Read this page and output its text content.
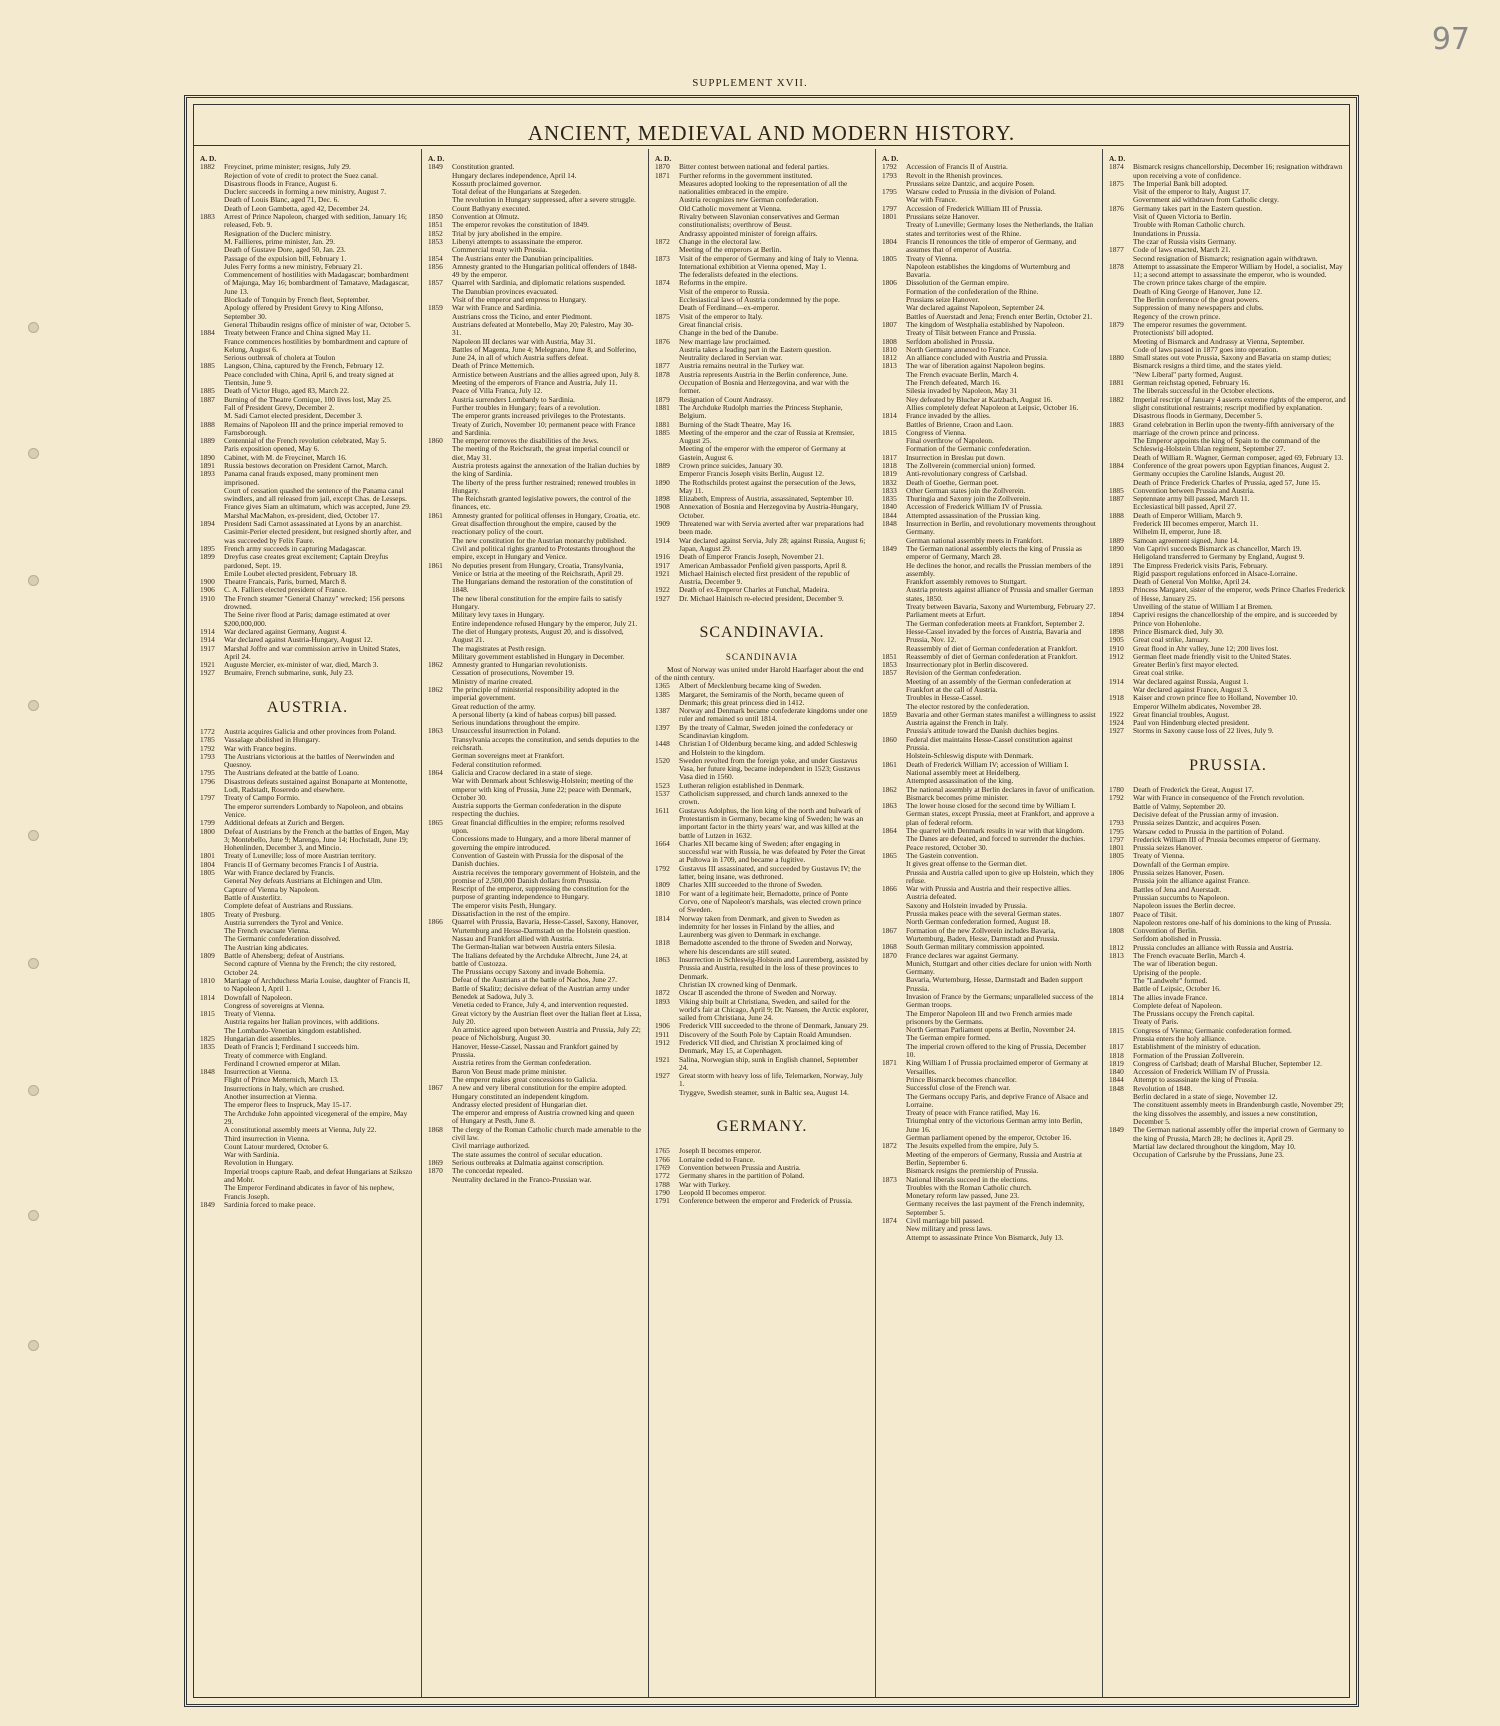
97
SUPPLEMENT XVII.
ANCIENT, MEDIEVAL AND MODERN HISTORY.
A. D.
1882	Freycinet, prime minister; resigns, July 29.
Rejection of vote of credit to protect the Suez canal.
Disastrous floods in France, August 6.
Duclerc succeeds in forming a new ministry, August 7.
Death of Louis Blanc, aged 71, Dec. 6.
Death of Leon Gambetta, aged 42, December 24.
1883	Arrest of Prince Napoleon, charged with sedition, January 16; released, Feb. 9.
Resignation of the Duclerc ministry.
M. Faillieres, prime minister, Jan. 29.
Death of Gustave Dore, aged 50, Jan. 23.
Passage of the expulsion bill, February 1.
Jules Ferry forms a new ministry, February 21.
Commencement of hostilities with Madagascar; bombardment of Majunga, May 16; bombardment of Tamatave, Madagascar, June 13.
Blockade of Tonquin by French fleet, September.
Apology offered by President Grevy to King Alfonso, September 30.
General Thibaudin resigns office of minister of war, October 5.
1884	Treaty between France and China signed May 11.
France commences hostilities by bombardment and capture of Kelung, August 6.
Serious outbreak of cholera at Toulon
1885	Langson, China, captured by the French, February 12.
Peace concluded with China, April 6, and treaty signed at Tientsin, June 9.
1885	Death of Victor Hugo, aged 83, March 22.
1887	Burning of the Theatre Comique, 100 lives lost, May 25.
Fall of President Grevy, December 2.
M. Sadi Carnot elected president, December 3.
1888	Remains of Napoleon III and the prince imperial removed to Farnsborough.
1889	Centennial of the French revolution celebrated, May 5.
Paris exposition opened, May 6.
1890	Cabinet, with M. de Freycinet, March 16.
1891	Russia bestows decoration on President Carnot, March.
1893	Panama canal frauds exposed, many prominent men imprisoned.
Court of cessation quashed the sentence of the Panama canal swindlers, and all released from jail, except Chas. de Lesseps.
France gives Siam an ultimatum, which was accepted, June 29.
Marshal MacMahon, ex-president, died, October 17.
1894	President Sadi Carnot assassinated at Lyons by an anarchist.
Casimir-Perier elected president, but resigned shortly after, and was succeeded by Felix Faure.
1895	French army succeeds in capturing Madagascar.
1899	Dreyfus case creates great excitement; Captain Dreyfus pardoned, Sept. 19.
Emile Loubet elected president, February 18.
1900	Theatre Francais, Paris, burned, March 8.
1906	C. A. Falliers elected president of France.
1910	The French steamer "General Chanzy" wrecked; 156 persons drowned.
The Seine river flood at Paris; damage estimated at over $200,000,000.
1914	War declared against Germany, August 4.
1914	War declared against Austria-Hungary, August 12.
1917	Marshal Joffre and war commission arrive in United States, April 24.
1921	Auguste Mercier, ex-minister of war, died, March 3.
1927	Brumaire, French submarine, sunk, July 23.
AUSTRIA.
1772	Austria acquires Galicia and other provinces from Poland.
1785	Vassalage abolished in Hungary.
1792	War with France begins.
1793	The Austrians victorious at the battles of Neerwinden and Quesnoy.
1795	The Austrians defeated at the battle of Loano.
1796	Disastrous defeats sustained against Bonaparte at Montenotte, Lodi, Radstadt, Roseredo and elsewhere.
1797	Treaty of Campo Formio.
The emperor surrenders Lombardy to Napoleon, and obtains Venice.
1799	Additional defeats at Zurich and Bergen.
1800	Defeat of Austrians by the French at the battles of Engen, May 3; Montebello, June 9; Marengo, June 14; Hochstadt, June 19; Hohenlinden, December 3, and Mincio.
1801	Treaty of Luneville; loss of more Austrian territory.
1804	Francis II of Germany becomes Francis I of Austria.
1805	War with France declared by Francis.
General Ney defeats Austrians at Elchingen and Ulm.
Capture of Vienna by Napoleon.
Battle of Austerlitz.
Complete defeat of Austrians and Russians.
1805	Treaty of Presburg.
Austria surrenders the Tyrol and Venice.
The French evacuate Vienna.
The Germanic confederation dissolved.
The Austrian king abdicates.
1809	Battle of Ahensberg; defeat of Austrians.
Second capture of Vienna by the French; the city restored, October 24.
1810	Marriage of Archduchess Maria Louise, daughter of Francis II, to Napoleon I, April 1.
1814	Downfall of Napoleon.
Congress of sovereigns at Vienna.
1815	Treaty of Vienna.
Austria regains her Italian provinces, with additions.
The Lombardo-Venetian kingdom established.
1825	Hungarian diet assembles.
1835	Death of Francis I; Ferdinand I succeeds him.
Treaty of commerce with England.
Ferdinand I crowned emperor at Milan.
1848	Insurrection at Vienna.
Flight of Prince Metternich, March 13.
Insurrections in Italy, which are crushed.
Another insurrection at Vienna.
The emperor flees to Inspruck, May 15-17.
The Archduke John appointed vicegeneral of the empire, May 29.
A constitutional assembly meets at Vienna, July 22.
Third insurrection in Vienna.
Count Latour murdered, October 6.
War with Sardinia.
Revolution in Hungary.
Imperial troops capture Raab, and defeat Hungarians at Szikszo and Mohr.
The Emperor Ferdinand abdicates in favor of his nephew, Francis Joseph.
1849	Sardinia forced to make peace.
A. D.
1849	Constitution granted.
Hungary declares independence, April 14.
Kossuth proclaimed governor.
Total defeat of the Hungarians at Szegeden.
The revolution in Hungary suppressed, after a severe struggle.
Count Bathyany executed.
1850	Convention at Olmutz.
1851	The emperor revokes the constitution of 1849.
1852	Trial by jury abolished in the empire.
1853	Libenyi attempts to assassinate the emperor.
Commercial treaty with Prussia.
1854	The Austrians enter the Danubian principalities.
1856	Amnesty granted to the Hungarian political offenders of 1848-49 by the emperor.
1857	Quarrel with Sardinia, and diplomatic relations suspended.
The Danubian provinces evacuated.
Visit of the emperor and empress to Hungary.
1859	War with France and Sardinia.
Austrians cross the Ticino, and enter Piedmont.
Austrians defeated at Montebello, May 20; Palestro, May 30-31.
Napoleon III declares war with Austria, May 31.
Battles of Magenta, June 4; Melegnano, June 8, and Solferino, June 24, in all of which Austria suffers defeat.
Death of Prince Metternich.
Armistice between Austrians and the allies agreed upon, July 8.
Meeting of the emperors of France and Austria, July 11.
Peace of Villa Franca, July 12.
Austria surrenders Lombardy to Sardinia.
Further troubles in Hungary; fears of a revolution.
The emperor grants increased privileges to the Protestants.
Treaty of Zurich, November 10; permanent peace with France and Sardinia.
1860	The emperor removes the disabilities of the Jews.
The meeting of the Reichsrath, the great imperial council or diet, May 31.
Austria protests against the annexation of the Italian duchies by the king of Sardinia.
The liberty of the press further restrained; renewed troubles in Hungary.
The Reichsrath granted legislative powers, the control of the finances, etc.
1861	Amnesty granted for political offenses in Hungary, Croatia, etc.
Great disaffection throughout the empire, caused by the reactionary policy of the court.
The new constitution for the Austrian monarchy published.
Civil and political rights granted to Protestants throughout the empire, except in Hungary and Venice.
1861	No deputies present from Hungary, Croatia, Transylvania, Venice or Istria at the meeting of the Reichsrath, April 29.
The Hungarians demand the restoration of the constitution of 1848.
The new liberal constitution for the empire fails to satisfy Hungary.
Military levy taxes in Hungary.
Entire independence refused Hungary by the emperor, July 21.
The diet of Hungary protests, August 20, and is dissolved, August 21.
The magistrates at Pesth resign.
Military government established in Hungary in December.
1862	Amnesty granted to Hungarian revolutionists.
Cessation of prosecutions, November 19.
Ministry of marine created.
1862	The principle of ministerial responsibility adopted in the imperial government.
Great reduction of the army.
A personal liberty (a kind of habeas corpus) bill passed.
Serious inundations throughout the empire.
1863	Unsuccessful insurrection in Poland.
Transylvania accepts the constitution, and sends deputies to the reichsrath.
German sovereigns meet at Frankfort.
Federal constitution reformed.
1864	Galicia and Cracow declared in a state of siege.
War with Denmark about Schleswig-Holstein; meeting of the emperor with king of Prussia, June 22; peace with Denmark, October 30.
Austria supports the German confederation in the dispute respecting the duchies.
1865	Great financial difficulties in the empire; reforms resolved upon.
Concessions made to Hungary, and a more liberal manner of governing the empire introduced.
Convention of Gastein with Prussia for the disposal of the Danish duchies.
Austria receives the temporary government of Holstein, and the promise of 2,500,000 Danish dollars from Prussia.
Rescript of the emperor, suppressing the constitution for the purpose of granting independence to Hungary.
The emperor visits Pesth, Hungary.
Dissatisfaction in the rest of the empire.
1866	Quarrel with Prussia, Bavaria, Hesse-Cassel, Saxony, Hanover, Wurtemburg and Hesse-Darmstadt on the Holstein question.
Nassau and Frankfort allied with Austria.
The German-Italian war between Austria enters Silesia.
The Italians defeated by the Archduke Albrecht, June 24, at battle of Custozza.
The Prussians occupy Saxony and invade Bohemia.
Defeat of the Austrians at the battle of Nachos, June 27.
Battle of Skalitz; decisive defeat of the Austrian army under Benedek at Sadowa, July 3.
Venetia ceded to France, July 4, and intervention requested.
Great victory by the Austrian fleet over the Italian fleet at Lissa, July 20.
An armistice agreed upon between Austria and Prussia, July 22; peace of Nicholsburg, August 30.
Hanover, Hesse-Cassel, Nassau and Frankfort gained by Prussia.
Austria retires from the German confederation.
Baron Von Beust made prime minister.
The emperor makes great concessions to Galicia.
1867	A new and very liberal constitution for the empire adopted.
Hungary constituted an independent kingdom.
Andrassy elected president of Hungarian diet.
The emperor and empress of Austria crowned king and queen of Hungary at Pesth, June 8.
1868	The clergy of the Roman Catholic church made amenable to the civil law.
Civil marriage authorized.
The state assumes the control of secular education.
1869	Serious outbreaks at Dalmatia against conscription.
1870	The concordat repealed.
Neutrality declared in the Franco-Prussian war.
A. D.
1870	Bitter contest between national and federal parties.
1871	Further reforms in the government instituted.
Measures adopted looking to the representation of all the nationalities embraced in the empire.
Austria recognizes new German confederation.
Old Catholic movement at Vienna.
Rivalry between Slavonian conservatives and German constitutionalists; overthrow of Beust.
Andrassy appointed minister of foreign affairs.
1872	Change in the electoral law.
Meeting of the emperors at Berlin.
1873	Visit of the emperor of Germany and king of Italy to Vienna.
International exhibition at Vienna opened, May 1.
The federalists defeated in the elections.
1874	Reforms in the empire.
Visit of the emperor to Russia.
Ecclesiastical laws of Austria condemned by the pope.
Death of Ferdinand—ex-emperor.
1875	Visit of the emperor to Italy.
Great financial crisis.
Change in the bed of the Danube.
1876	New marriage law proclaimed.
Austria takes a leading part in the Eastern question.
Neutrality declared in Servian war.
1877	Austria remains neutral in the Turkey war.
1878	Austria represents Austria in the Berlin conference, June.
Occupation of Bosnia and Herzegovina, and war with the former.
1879	Resignation of Count Andrassy.
1881	The Archduke Rudolph marries the Princess Stephanie, Belgium.
1881	Burning of the Stadt Theatre, May 16.
1885	Meeting of the emperor and the czar of Russia at Kremsier, August 25.
Meeting of the emperor with the emperor of Germany at Gastein, August 6.
1889	Crown prince suicides, January 30.
Emperor Francis Joseph visits Berlin, August 12.
1890	The Rothschilds protest against the persecution of the Jews, May 11.
1898	Elizabeth, Empress of Austria, assassinated, September 10.
1908	Annexation of Bosnia and Herzegovina by Austria-Hungary, October.
1909	Threatened war with Servia averted after war preparations had been made.
1914	War declared against Servia, July 28; against Russia, August 6; Japan, August 29.
1916	Death of Emperor Francis Joseph, November 21.
1917	American Ambassador Penfield given passports, April 8.
1921	Michael Hainisch elected first president of the republic of Austria, December 9.
1922	Death of ex-Emperor Charles at Funchal, Madeira.
1927	Dr. Michael Hainisch re-elected president, December 9.
SCANDINAVIA.
SCANDINAVIA
Most of Norway was united under Harold Haarfager about the end of the ninth century.
1365	Albert of Mecklenburg became king of Sweden.
1385	Margaret, the Semiramis of the North, became queen of Denmark; this great princess died in 1412.
1387	Norway and Denmark became confederate kingdoms under one ruler and remained so until 1814.
1397	By the treaty of Calmar, Sweden joined the confederacy or Scandinavian kingdom.
1448	Christian I of Oldenburg became king, and added Schleswig and Holstein to the kingdom.
1520	Sweden revolted from the foreign yoke, and under Gustavus Vasa, her future king, became independent in 1523; Gustavus Vasa died in 1560.
1523	Lutheran religion established in Denmark.
1537	Catholicism suppressed, and church lands annexed to the crown.
1611	Gustavus Adolphus, the lion king of the north and bulwark of Protestantism in Germany, became king of Sweden; he was an important factor in the thirty years' war, and was killed at the battle of Lutzen in 1632.
1664	Charles XII became king of Sweden; after engaging in successful war with Russia, he was defeated by Peter the Great at Pultowa in 1709, and became a fugitive.
1792	Gustavus III assassinated, and succeeded by Gustavus IV; the latter, being insane, was dethroned.
1809	Charles XIII succeeded to the throne of Sweden.
1810	For want of a legitimate heir, Bernadotte, prince of Ponte Corvo, one of Napoleon's marshals, was elected crown prince of Sweden.
1814	Norway taken from Denmark, and given to Sweden as indemnity for her losses in Finland by the allies, and Laurenberg was given to Denmark in exchange.
1818	Bernadotte ascended to the throne of Sweden and Norway, where his descendants are still seated.
1863	Insurrection in Schleswig-Holstein and Lauremberg, assisted by Prussia and Austria, resulted in the loss of these provinces to Denmark.
Christian IX crowned king of Denmark.
1872	Oscar II ascended the throne of Sweden and Norway.
1893	Viking ship built at Christiana, Sweden, and sailed for the world's fair at Chicago, April 9; Dr. Nansen, the Arctic explorer, sailed from Christiana, June 24.
1906	Frederick VIII succeeded to the throne of Denmark, January 29.
1911	Discovery of the South Pole by Captain Roald Amundsen.
1912	Frederick VII died, and Christian X proclaimed king of Denmark, May 15, at Copenhagen.
1921	Salina, Norwegian ship, sunk in English channel, September 24.
1927	Great storm with heavy loss of life, Telemarken, Norway, July 1.
Tryggve, Swedish steamer, sunk in Baltic sea, August 14.
GERMANY.
1765	Joseph II becomes emperor.
1766	Lorraine ceded to France.
1769	Convention between Prussia and Austria.
1772	Germany shares in the partition of Poland.
1788	War with Turkey.
1790	Leopold II becomes emperor.
1791	Conference between the emperor and Frederick of Prussia.
A. D.
1792	Accession of Francis II of Austria.
1793	Revolt in the Rhenish provinces.
Prussians seize Dantzic, and acquire Posen.
1795	Warsaw ceded to Prussia in the division of Poland.
War with France.
1797	Accession of Frederick William III of Prussia.
1801	Prussians seize Hanover.
Treaty of Luneville; Germany loses the Netherlands, the Italian states and territories west of the Rhine.
1804	Francis II renounces the title of emperor of Germany, and assumes that of emperor of Austria.
1805	Treaty of Vienna.
Napoleon establishes the kingdoms of Wurtemburg and Bavaria.
1806	Dissolution of the German empire.
Formation of the confederation of the Rhine.
Prussians seize Hanover.
War declared against Napoleon, September 24.
Battles of Auerstadt and Jena; French enter Berlin, October 21.
1807	The kingdom of Westphalia established by Napoleon.
Treaty of Tilsit between France and Prussia.
1808	Serfdom abolished in Prussia.
1810	North Germany annexed to France.
1812	An alliance concluded with Austria and Prussia.
1813	The war of liberation against Napoleon begins.
The French evacuate Berlin, March 4.
The French defeated, March 16.
Silesia invaded by Napoleon, May 31
Ney defeated by Blucher at Katzbach, August 16.
Allies completely defeat Napoleon at Leipsic, October 16.
1814	France invaded by the allies.
Battles of Brienne, Craon and Laon.
1815	Congress of Vienna.
Final overthrow of Napoleon.
Formation of the Germanic confederation.
1817	Insurrection in Breslau put down.
1818	The Zollverein (commercial union) formed.
1819	Anti-revolutionary congress of Carlsbad.
1832	Death of Goethe, German poet.
1833	Other German states join the Zollverein.
1835	Thuringia and Saxony join the Zollverein.
1840	Accession of Frederick William IV of Prussia.
1844	Attempted assassination of the Prussian king.
1848	Insurrection in Berlin, and revolutionary movements throughout Germany.
German national assembly meets in Frankfort.
1849	The German national assembly elects the king of Prussia as emperor of Germany, March 28.
He declines the honor, and recalls the Prussian members of the assembly.
Frankfort assembly removes to Stuttgart.
Austria protests against alliance of Prussia and smaller German states, 1850.
Treaty between Bavaria, Saxony and Wurtemburg, February 27.
Parliament meets at Erfurt.
The German confederation meets at Frankfort, September 2.
Hesse-Cassel invaded by the forces of Austria, Bavaria and Prussia, Nov. 12.
Reassembly of diet of German confederation at Frankfort.
1851	Reassembly of diet of German confederation at Frankfort.
1853	Insurrectionary plot in Berlin discovered.
1857	Revision of the German confederation.
Meeting of an assembly of the German confederation at Frankfort at the call of Austria.
Troubles in Hesse-Cassel.
The elector restored by the confederation.
1859	Bavaria and other German states manifest a willingness to assist Austria against the French in Italy.
Prussia's attitude toward the Danish duchies begins.
1860	Federal diet maintains Hesse-Cassel constitution against Prussia.
Holstein-Schleswig dispute with Denmark.
1861	Death of Frederick William IV; accession of William I.
National assembly meet at Heidelberg.
Attempted assassination of the king.
1862	The national assembly at Berlin declares in favor of unification.
Bismarck becomes prime minister.
1863	The lower house closed for the second time by William I.
German states, except Prussia, meet at Frankfort, and approve a plan of federal reform.
1864	The quarrel with Denmark results in war with that kingdom.
The Danes are defeated, and forced to surrender the duchies.
Peace restored, October 30.
1865	The Gastein convention.
It gives great offense to the German diet.
Prussia and Austria called upon to give up Holstein, which they refuse.
1866	War with Prussia and Austria and their respective allies.
Austria defeated.
Saxony and Holstein invaded by Prussia.
Prussia makes peace with the several German states.
North German confederation formed, August 18.
1867	Formation of the new Zollverein includes Bavaria, Wurtemburg, Baden, Hesse, Darmstadt and Prussia.
1868	South German military commission appointed.
1870	France declares war against Germany.
Munich, Stuttgart and other cities declare for union with North Germany.
Bavaria, Wurtemburg, Hesse, Darmstadt and Baden support Prussia.
Invasion of France by the Germans; unparalleled success of the German troops.
The Emperor Napoleon III and two French armies made prisoners by the Germans.
North German Parliament opens at Berlin, November 24.
The German empire formed.
The imperial crown offered to the king of Prussia, December 10.
1871	King William I of Prussia proclaimed emperor of Germany at Versailles.
Prince Bismarck becomes chancellor.
Successful close of the French war.
The Germans occupy Paris, and deprive France of Alsace and Lorraine.
Treaty of peace with France ratified, May 16.
Triumphal entry of the victorious German army into Berlin, June 16.
German parliament opened by the emperor, October 16.
1872	The Jesuits expelled from the empire, July 5.
Meeting of the emperors of Germany, Russia and Austria at Berlin, September 6.
Bismarck resigns the premiership of Prussia.
1873	National liberals succeed in the elections.
Troubles with the Roman Catholic church.
Monetary reform law passed, June 23.
Germany receives the last payment of the French indemnity, September 5.
1874	Civil marriage bill passed.
New military and press laws.
Attempt to assassinate Prince Von Bismarck, July 13.
A. D.
1874	Bismarck resigns chancellorship, December 16; resignation withdrawn upon receiving a vote of confidence.
1875	The Imperial Bank bill adopted.
Visit of the emperor to Italy, August 17.
Government aid withdrawn from Catholic clergy.
1876	Germany takes part in the Eastern question.
Visit of Queen Victoria to Berlin.
Trouble with Roman Catholic church.
Inundations in Prussia.
The czar of Russia visits Germany.
1877	Code of laws enacted, March 21.
Second resignation of Bismarck; resignation again withdrawn.
1878	Attempt to assassinate the Emperor William by Hodel, a socialist, May 11; a second attempt to assassinate the emperor, who is wounded.
The crown prince takes charge of the empire.
Death of King George of Hanover, June 12.
The Berlin conference of the great powers.
Suppression of many newspapers and clubs.
Regency of the crown prince.
1879	The emperor resumes the government.
Protectionists' bill adopted.
Meeting of Bismarck and Andrassy at Vienna, September.
Code of laws passed in 1877 goes into operation.
1880	Small states out vote Prussia, Saxony and Bavaria on stamp duties; Bismarck resigns a third time, and the states yield.
"New Liberal" party formed, August.
1881	German reichstag opened, February 16.
The liberals successful in the October elections.
1882	Imperial rescript of January 4 asserts extreme rights of the emperor, and slight constitutional restraints; rescript modified by explanation.
Disastrous floods in Germany, December 5.
1883	Grand celebration in Berlin upon the twenty-fifth anniversary of the marriage of the crown prince and princess.
The Emperor appoints the king of Spain to the command of the Schleswig-Holstein Uhlan regiment, September 27.
Death of William R. Wagner, German composer, aged 69, February 13.
1884	Conference of the great powers upon Egyptian finances, August 2.
Germany occupies the Caroline Islands, August 20.
Death of Prince Frederick Charles of Prussia, aged 57, June 15.
1885	Convention between Prussia and Austria.
1887	Septennate army bill passed, March 11.
Ecclesiastical bill passed, April 27.
1888	Death of Emperor William, March 9.
Frederick III becomes emperor, March 11.
Wilhelm II, emperor, June 18.
1889	Samoan agreement signed, June 14.
1890	Von Caprivi succeeds Bismarck as chancellor, March 19.
Heligoland transferred to Germany by England, August 9.
1891	The Empress Frederick visits Paris, February.
Rigid passport regulations enforced in Alsace-Lorraine.
Death of General Von Moltke, April 24.
1893	Princess Margaret, sister of the emperor, weds Prince Charles Frederick of Hesse, January 25.
Unveiling of the statue of William I at Bremen.
1894	Caprivi resigns the chancellorship of the empire, and is succeeded by Prince von Hohenlohe.
1898	Prince Bismarck died, July 30.
1905	Great coal strike, January.
1910	Great flood in Ahr valley, June 12; 200 lives lost.
1912	German fleet made friendly visit to the United States.
Greater Berlin's first mayor elected.
Great coal strike.
1914	War declared against Russia, August 1.
War declared against France, August 3.
1918	Kaiser and crown prince flee to Holland, November 10.
Emperor Wilhelm abdicates, November 28.
1922	Great financial troubles, August.
1924	Paul von Hindenburg elected president.
1927	Storms in Saxony cause loss of 22 lives, July 9.
PRUSSIA.
1780	Death of Frederick the Great, August 17.
1792	War with France in consequence of the French revolution.
Battle of Valmy, September 20.
Decisive defeat of the Prussian army of invasion.
1793	Prussia seizes Dantzic, and acquires Posen.
1795	Warsaw ceded to Prussia in the partition of Poland.
1797	Frederick William III of Prussia becomes emperor of Germany.
1801	Prussia seizes Hanover.
1805	Treaty of Vienna.
Downfall of the German empire.
1806	Prussia seizes Hanover, Posen.
Prussia join the alliance against France.
Battles of Jena and Auerstadt.
Prussian succumbs to Napoleon.
Napoleon issues the Berlin decree.
1807	Peace of Tilsit.
Napoleon restores one-half of his dominions to the king of Prussia.
1808	Convention of Berlin.
Serfdom abolished in Prussia.
1812	Prussia concludes an alliance with Russia and Austria.
1813	The French evacuate Berlin, March 4.
The war of liberation begun.
Uprising of the people.
The "Landwehr" formed.
Battle of Leipsic, October 16.
1814	The allies invade France.
Complete defeat of Napoleon.
The Prussians occupy the French capital.
Treaty of Paris.
1815	Congress of Vienna; Germanic confederation formed.
Prussia enters the holy alliance.
1817	Establishment of the ministry of education.
1818	Formation of the Prussian Zollverein.
1819	Congress of Carlsbad; death of Marshal Blucher, September 12.
1840	Accession of Frederick William IV of Prussia.
1844	Attempt to assassinate the king of Prussia.
1848	Revolution of 1848.
Berlin declared in a state of siege, November 12.
The constituent assembly meets in Brandenburgh castle, November 29; the king dissolves the assembly, and issues a new constitution, December 5.
1849	The German national assembly offer the imperial crown of Germany to the king of Prussia, March 28; he declines it, April 29.
Martial law declared throughout the kingdom, May 10.
Occupation of Carlsruhe by the Prussians, June 23.
